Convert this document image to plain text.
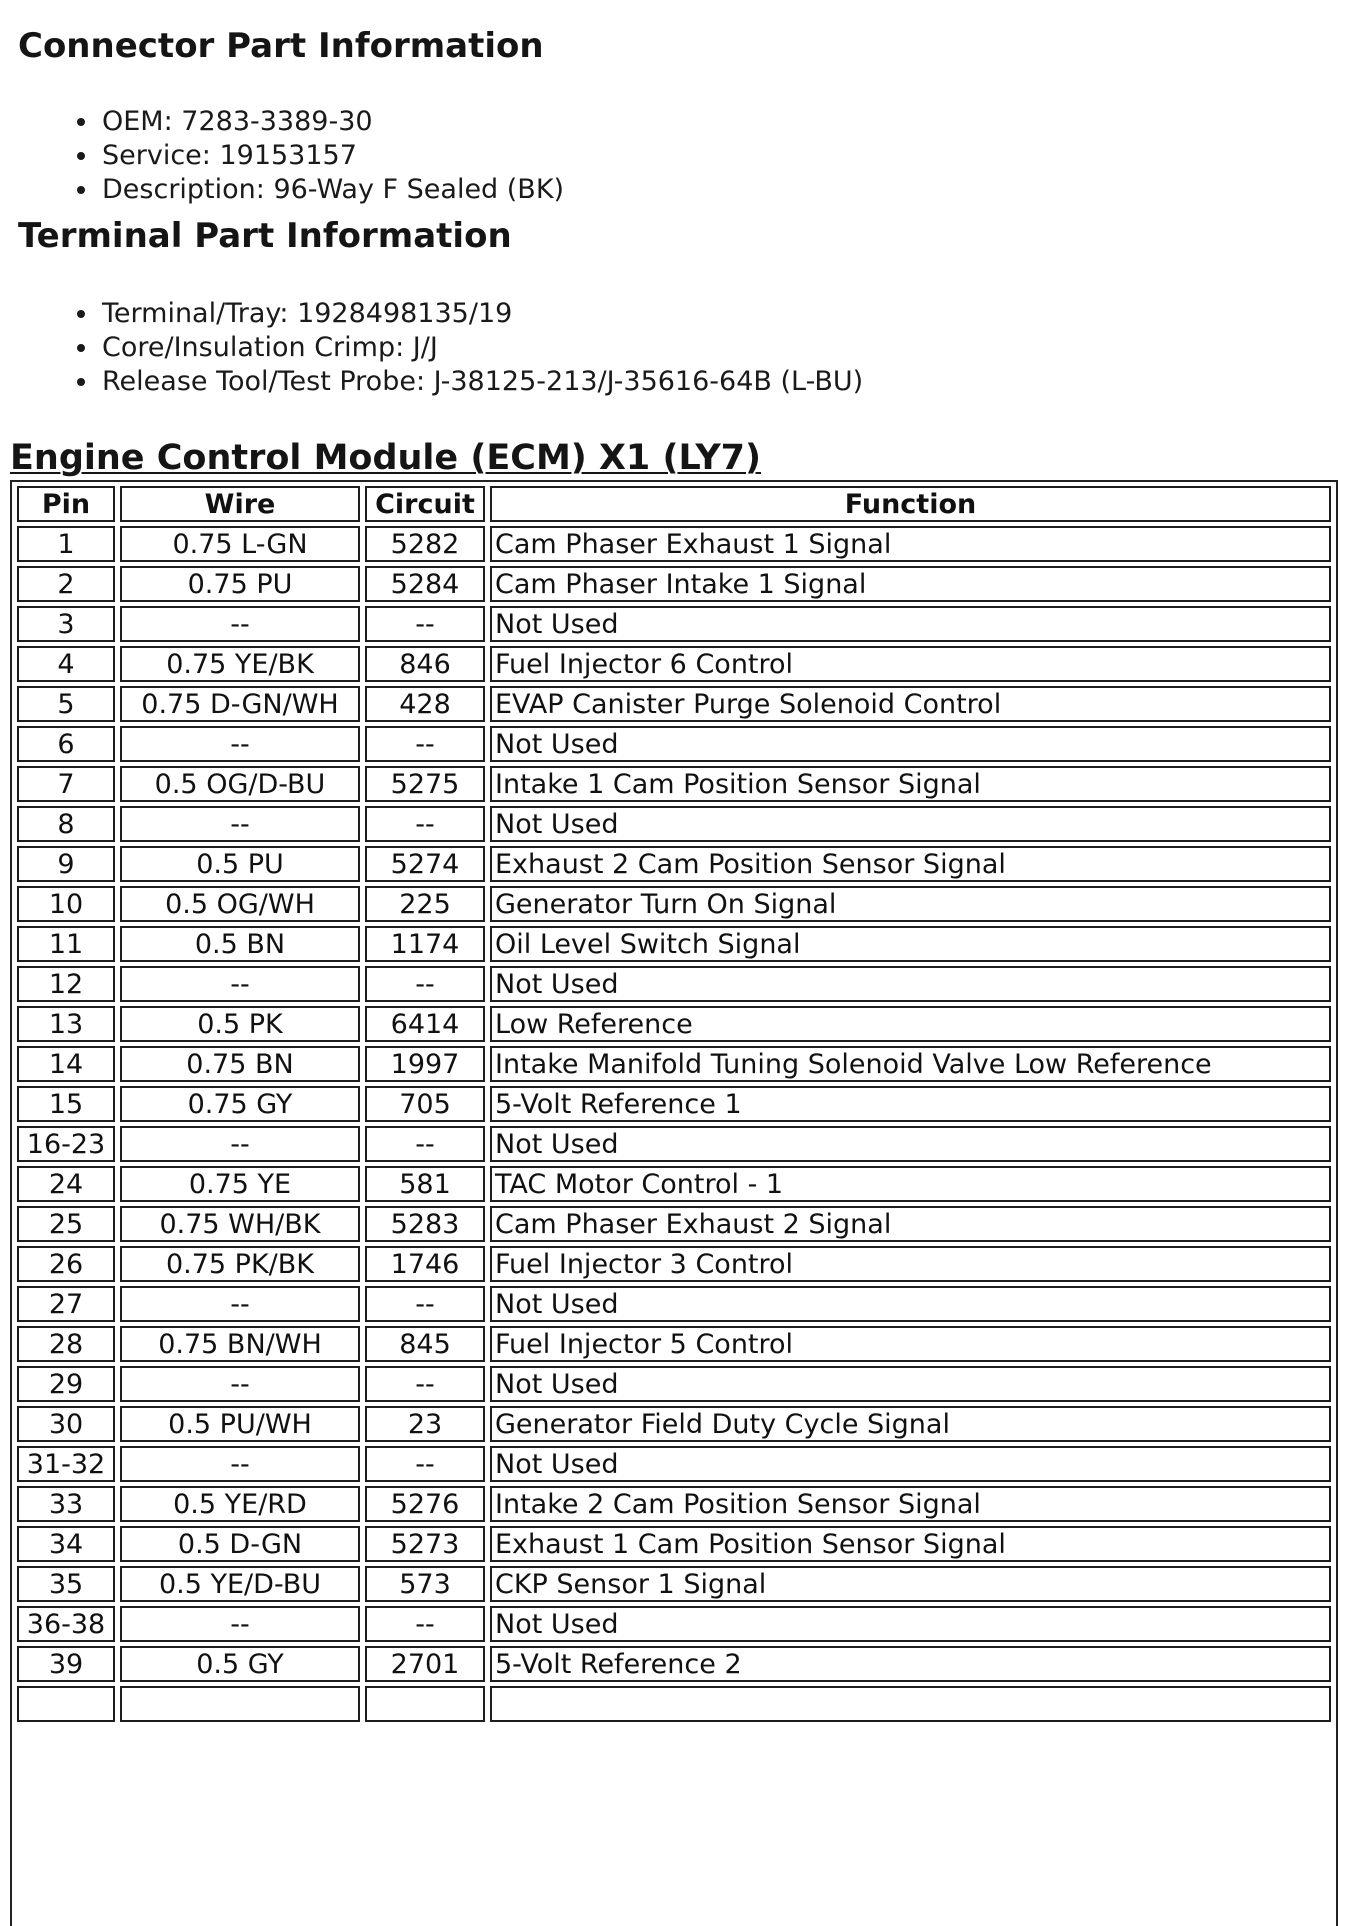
Connector Part Information
• OEM: 7283-3389-30
• Service: 19153157
• Description: 96-Way F Sealed (BK)
Terminal Part Information
• Terminal/Tray: 1928498135/19
• Core/Insulation Crimp: J/J
• Release Tool/Test Probe: J-38125-213/J-35616-64B (L-BU)
Engine Control Module (ECM) X1 (LY7)
Pin	Wire	Circuit	Function
1	0.75 L-GN	5282	Cam Phaser Exhaust 1 Signal
2	0.75 PU	5284	Cam Phaser Intake 1 Signal
3	--	--	Not Used
4	0.75 YE/BK	846	Fuel Injector 6 Control
5	0.75 D-GN/WH	428	EVAP Canister Purge Solenoid Control
6	--	--	Not Used
7	0.5 OG/D-BU	5275	Intake 1 Cam Position Sensor Signal
8	--	--	Not Used
9	0.5 PU	5274	Exhaust 2 Cam Position Sensor Signal
10	0.5 OG/WH	225	Generator Turn On Signal
11	0.5 BN	1174	Oil Level Switch Signal
12	--	--	Not Used
13	0.5 PK	6414	Low Reference
14	0.75 BN	1997	Intake Manifold Tuning Solenoid Valve Low Reference
15	0.75 GY	705	5-Volt Reference 1
16-23	--	--	Not Used
24	0.75 YE	581	TAC Motor Control - 1
25	0.75 WH/BK	5283	Cam Phaser Exhaust 2 Signal
26	0.75 PK/BK	1746	Fuel Injector 3 Control
27	--	--	Not Used
28	0.75 BN/WH	845	Fuel Injector 5 Control
29	--	--	Not Used
30	0.5 PU/WH	23	Generator Field Duty Cycle Signal
31-32	--	--	Not Used
33	0.5 YE/RD	5276	Intake 2 Cam Position Sensor Signal
34	0.5 D-GN	5273	Exhaust 1 Cam Position Sensor Signal
35	0.5 YE/D-BU	573	CKP Sensor 1 Signal
36-38	--	--	Not Used
39	0.5 GY	2701	5-Volt Reference 2
